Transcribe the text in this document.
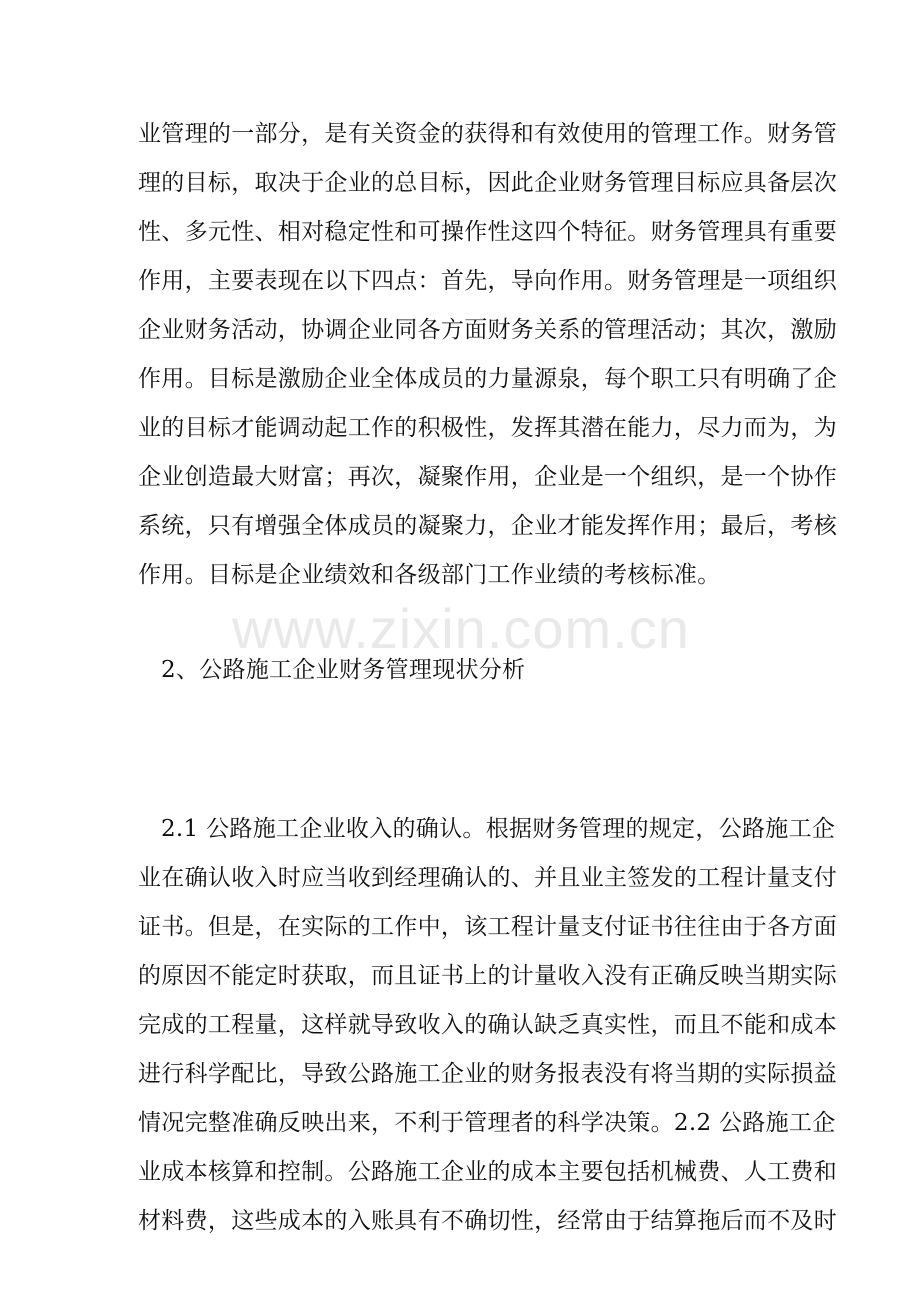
业管理的一部分，是有关资金的获得和有效使用的管理工作。财务管
理的目标，取决于企业的总目标，因此企业财务管理目标应具备层次
性、多元性、相对稳定性和可操作性这四个特征。财务管理具有重要
作用，主要表现在以下四点：首先，导向作用。财务管理是一项组织
企业财务活动，协调企业同各方面财务关系的管理活动；其次，激励
作用。目标是激励企业全体成员的力量源泉，每个职工只有明确了企
业的目标才能调动起工作的积极性，发挥其潜在能力，尽力而为，为
企业创造最大财富；再次，凝聚作用，企业是一个组织，是一个协作
系统，只有增强全体成员的凝聚力，企业才能发挥作用；最后，考核
作用。目标是企业绩效和各级部门工作业绩的考核标准。
www.zixin.com.cn
2、公路施工企业财务管理现状分析
2.1 公路施工企业收入的确认。根据财务管理的规定，公路施工企
业在确认收入时应当收到经理确认的、并且业主签发的工程计量支付
证书。但是，在实际的工作中，该工程计量支付证书往往由于各方面
的原因不能定时获取，而且证书上的计量收入没有正确反映当期实际
完成的工程量，这样就导致收入的确认缺乏真实性，而且不能和成本
进行科学配比，导致公路施工企业的财务报表没有将当期的实际损益
情况完整准确反映出来，不利于管理者的科学决策。2.2 公路施工企
业成本核算和控制。公路施工企业的成本主要包括机械费、人工费和
材料费，这些成本的入账具有不确切性，经常由于结算拖后而不及时
